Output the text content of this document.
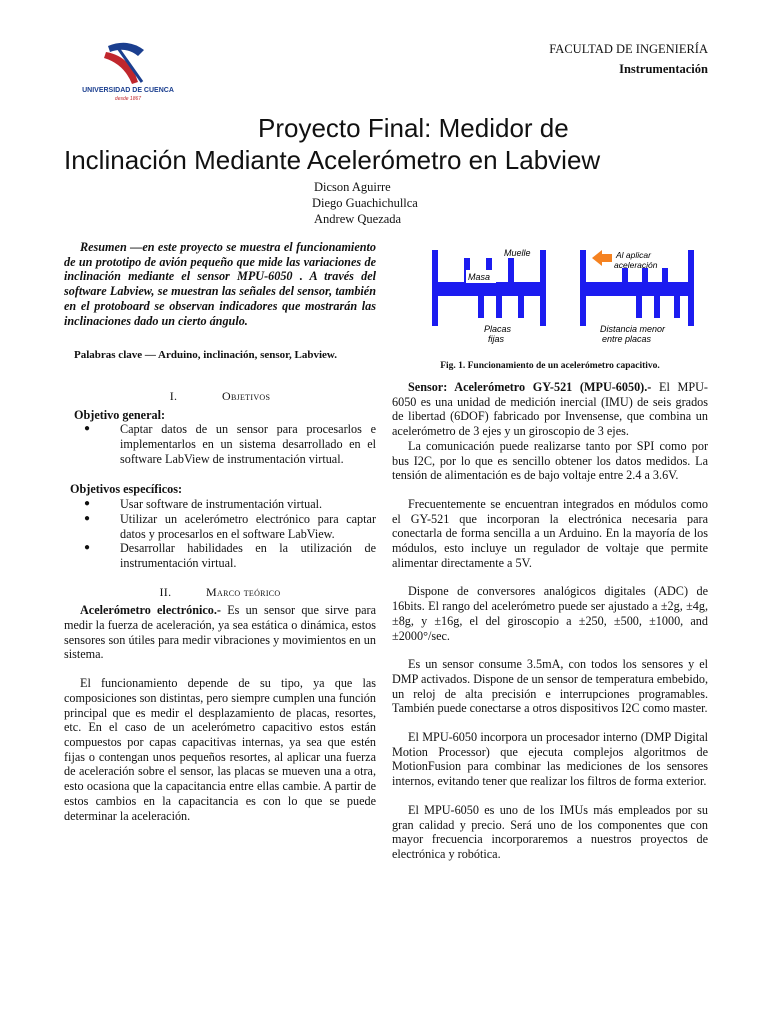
UNIVERSIDAD DE CUENCA
desde 1867
FACULTAD DE INGENIERÍA
Instrumentación
Proyecto Final: Medidor de
Inclinación Mediante Acelerómetro en Labview
Dicson Aguirre
Diego Guachichullca
Andrew Quezada

Resumen —en este proyecto se muestra el funcionamiento de un prototipo de avión pequeño que mide las variaciones de inclinación mediante el sensor MPU-6050 . A través del software Labview, se muestran las señales del sensor, también en el protoboard se observan indicadores que mostrarán las inclinaciones dado un cierto ángulo.

Palabras clave — Arduino, inclinación, sensor, Labview.

I.	Objetivos

Objetivo general:

● Captar datos de un sensor para procesarlos e implementarlos en un sistema desarrollado en el software LabView de instrumentación virtual.

Objetivos específicos:

● Usar software de instrumentación virtual.
● Utilizar un acelerómetro electrónico para captar datos y procesarlos en el software LabView.
● Desarrollar habilidades en la utilización de instrumentación virtual.

II.	Marco teórico

Acelerómetro electrónico.- Es un sensor que sirve para medir la fuerza de aceleración, ya sea estática o dinámica, estos sensores son útiles para medir vibraciones y movimientos en un sistema.

El funcionamiento depende de su tipo, ya que las composiciones son distintas, pero siempre cumplen una función principal que es medir el desplazamiento de placas, resortes, etc. En el caso de un acelerómetro capacitivo estos están compuestos por capas capacitivas internas, ya sea que estén fijas o contengan unos pequeños resortes, al aplicar una fuerza de aceleración sobre el sensor, las placas se mueven una a otra, esto ocasiona que la capacitancia entre ellas cambie. A partir de estos cambios en la capacitancia es con lo que se puede determinar la aceleración.

Masa
Muelle
Placas
fijas
Al aplicar
aceleración
Distancia menor
entre placas
Fig. 1. Funcionamiento de un acelerómetro capacitivo.

Sensor: Acelerómetro GY-521 (MPU-6050).- El MPU-6050 es una unidad de medición inercial (IMU) de seis grados de libertad (6DOF) fabricado por Invensense, que combina un acelerómetro de 3 ejes y un giroscopio de 3 ejes.

La comunicación puede realizarse tanto por SPI como por bus I2C, por lo que es sencillo obtener los datos medidos. La tensión de alimentación es de bajo voltaje entre 2.4 a 3.6V.

Frecuentemente se encuentran integrados en módulos como el GY-521 que incorporan la electrónica necesaria para conectarla de forma sencilla a un Arduino. En la mayoría de los módulos, esto incluye un regulador de voltaje que permite alimentar directamente a 5V.

Dispone de conversores analógicos digitales (ADC) de 16bits. El rango del acelerómetro puede ser ajustado a ±2g, ±4g, ±8g, y ±16g, el del giroscopio a ±250, ±500, ±1000, and ±2000°/sec.

Es un sensor consume 3.5mA, con todos los sensores y el DMP activados. Dispone de un sensor de temperatura embebido, un reloj de alta precisión e interrupciones programables. También puede conectarse a otros dispositivos I2C como master.

El MPU-6050 incorpora un procesador interno (DMP Digital Motion Processor) que ejecuta complejos algoritmos de MotionFusion para combinar las mediciones de los sensores internos, evitando tener que realizar los filtros de forma exterior.

El MPU-6050 es uno de los IMUs más empleados por su gran calidad y precio. Será uno de los componentes que con mayor frecuencia incorporaremos a nuestros proyectos de electrónica y robótica.
